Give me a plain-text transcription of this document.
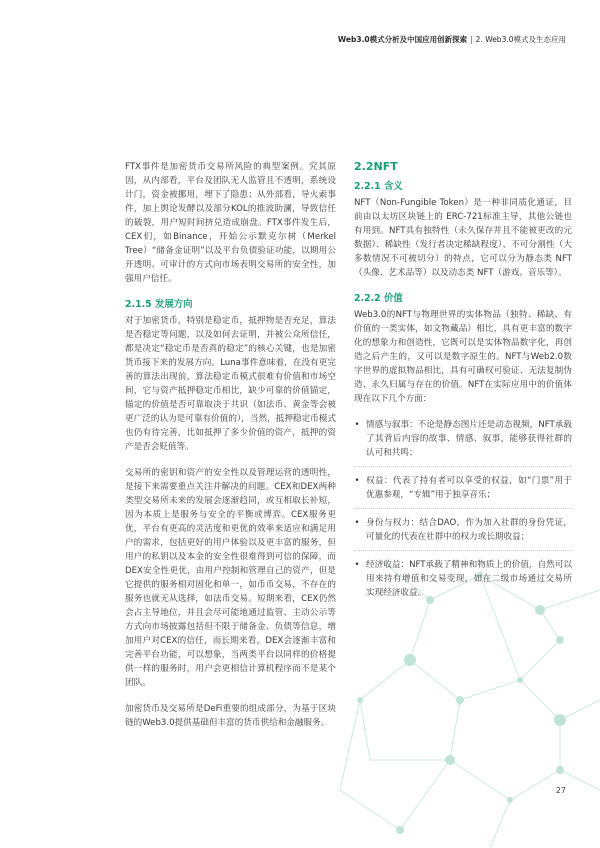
Web3.0模式分析及中国应用创新探索 | 2. Web3.0模式及生态应用

FTX事件是加密货币交易所风险的典型案例。究其原因，从内部看，平台及团队无人监管且不透明，系统设计门，资金被挪用，埋下了隐患；从外部看，导火索事件，加上舆论发酵以及部分KOL的推波助澜，导致信任的破裂，用户短时间挤兑造成崩盘。FTX事件发生后，CEX们，如Binance，开始公示默克尔树（Merkel Tree）“储备金证明”以及平台负债验证功能，以期用公开透明、可审计的方式向市场表明交易所的安全性，加强用户信任。

2.1.5 发展方向

对于加密货币，特别是稳定币，抵押物是否充足，算法是否稳定等问题，以及如何去证明，并被公众所信任，都是决定“稳定币是否真的稳定”的核心关键，也是加密货币接下来的发展方向。Luna事件意味着，在没有更完善的算法出现前，算法稳定币模式很难有价值和市场空间，它与资产抵押稳定币相比，缺少可靠的价值锚定，锚定的价值是否可靠取决于共识（如法币、黄金等会被更广泛的认为是可靠有价值的），当然，抵押稳定币模式也仍有待完善，比如抵押了多少价值的资产，抵押的资产是否会贬值等。

交易所的密钥和资产的安全性以及管理运营的透明性，是接下来需要重点关注并解决的问题。CEX和DEX两种类型交易所未来的发展会逐渐趋同，或互相取长补短，因为本质上是服务与安全的平衡或博弈。CEX服务更优，平台有更高的灵活度和更优的效率来适应和满足用户的需求，包括更好的用户体验以及更丰富的服务，但用户的私钥以及本金的安全性很难得到可信的保障，而DEX安全性更优，由用户控制和管理自己的资产，但是它提供的服务相对固化和单一，如币币交易，不存在的服务也就无从选择，如法币交易。短期来看，CEX仍然会占主导地位，并且会尽可能地通过监管、主动公示等方式向市场披露包括但不限于储备金、负债等信息，增加用户对CEX的信任，而长期来看，DEX会逐渐丰富和完善平台功能，可以想象，当两类平台以同样的价格提供一样的服务时，用户会更相信计算机程序而不是某个团队。

加密货币及交易所是DeFi重要的组成部分，为基于区块链的Web3.0提供基础但丰富的货币供给和金融服务。

2.2NFT
2.2.1 含义

NFT（Non-Fungible Token）是一种非同质化通证，目前由以太坊区块链上的 ERC-721标准主导，其他公链也有用到。NFT具有独特性（永久保存并且不能被更改的元数据）、稀缺性（发行者决定稀缺程度）、不可分割性（大多数情况不可被切分）的特点，它可以分为静态类 NFT（头像、艺术品等）以及动态类 NFT（游戏、音乐等）。

2.2.2 价值

Web3.0的NFT与物理世界的实体物品（独特、稀缺、有价值的一类实体，如文物藏品）相比，具有更丰富的数字化的想象力和创造性，它既可以是实体物品数字化，再创造之后产生的，又可以是数字原生的。NFT与Web2.0数字世界的虚拟物品相比，具有可确权可验证、无法复制伪造、永久归属与存在的价值。NFT在实际应用中的价值体现在以下几个方面：

• 情感与叙事：不论是静态图片还是动态视频，NFT承载了其背后内容的故事、情感、叙事，能够获得社群的认可和共鸣；
• 权益：代表了持有者可以享受的权益，如“门票”用于优惠参观，“专辑”用于独享音乐；
• 身份与权力：结合DAO，作为加入社群的身份凭证，可量化的代表在社群中的权力或长期收益；
• 经济收益：NFT承载了精神和物质上的价值，自然可以用来持有增值和交易变现，如在二级市场通过交易所实现经济收益。
27
